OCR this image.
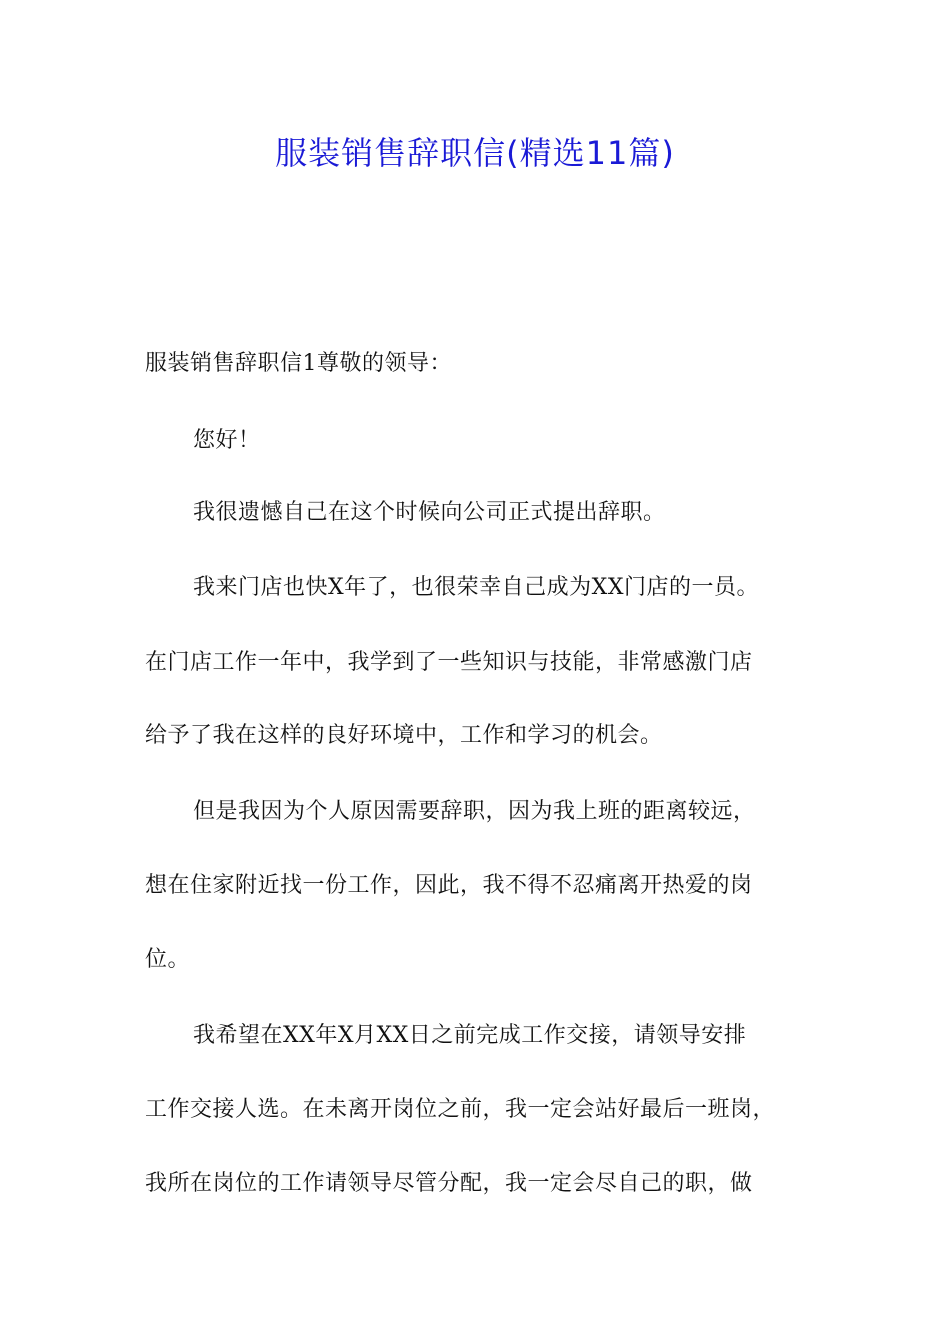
服装销售辞职信(精选11篇)
服装销售辞职信1尊敬的领导：
您好！
我很遗憾自己在这个时候向公司正式提出辞职。
我来门店也快X年了，也很荣幸自己成为XX门店的一员。
在门店工作一年中，我学到了一些知识与技能，非常感激门店
给予了我在这样的良好环境中，工作和学习的机会。
但是我因为个人原因需要辞职，因为我上班的距离较远，
想在住家附近找一份工作，因此，我不得不忍痛离开热爱的岗
位。
我希望在XX年X月XX日之前完成工作交接，请领导安排
工作交接人选。在未离开岗位之前，我一定会站好最后一班岗，
我所在岗位的工作请领导尽管分配，我一定会尽自己的职，做
